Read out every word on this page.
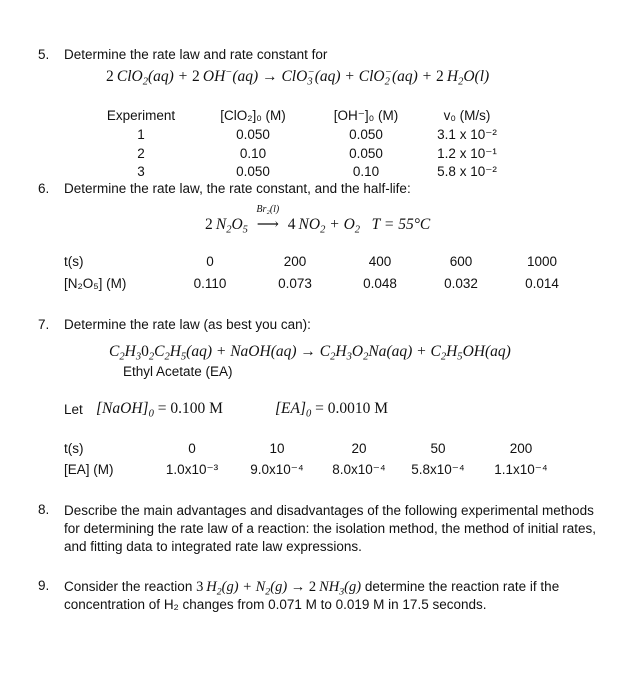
5. Determine the rate law and rate constant for
2  ClO$_2$(aq) + 2  OH−(aq) → ClO$_3$−(aq) + ClO$_2$−(aq) + 2  $H_2O(l)$
Experiment	[ClO₂]₀ (M)	[OH⁻]₀ (M)	v₀ (M/s)
1	0.050	0.050	3.1 x 10⁻²
2	0.10	0.050	1.2 x 10⁻¹
3	0.050	0.10	5.8 x 10⁻²
6. Determine the rate law, the rate constant, and the half-life:
2  $N_2O_5$
Br₂(l)
⟶ 4  $NO_2 + O_2$ T = 55°C
t(s)	0	200	400	600	1000
[N₂O₅] (M)	0.110	0.073	0.048	0.032	0.014
7. Determine the rate law (as best you can):
$C_2H_30_2C_2H_5(aq)$ + NaOH(aq) → $C_2H_3O_2Na(aq) + C_2H_5OH(aq)$
Ethyl Acetate (EA)
Let $[NaOH]_0 = 0.100$ M	$[EA]_0 = 0.0010$ M
t(s)	0	10	20	50	200
[EA] (M)	1.0x10⁻³ 9.0x10⁻⁴ 8.0x10⁻⁴ 5.8x10⁻⁴ 1.1x10⁻⁴
8. Describe the main advantages and disadvantages of the following experimental methods for determining the rate law of a reaction: the isolation method, the method of initial rates, and fitting data to integrated rate law expressions.
9. Consider the reaction 3  $H_2(g) + N_2(g) \to 2$  $NH_3(g)$ determine the reaction rate if the concentration of H₂ changes from 0.071 M to 0.019 M in 17.5 seconds.
